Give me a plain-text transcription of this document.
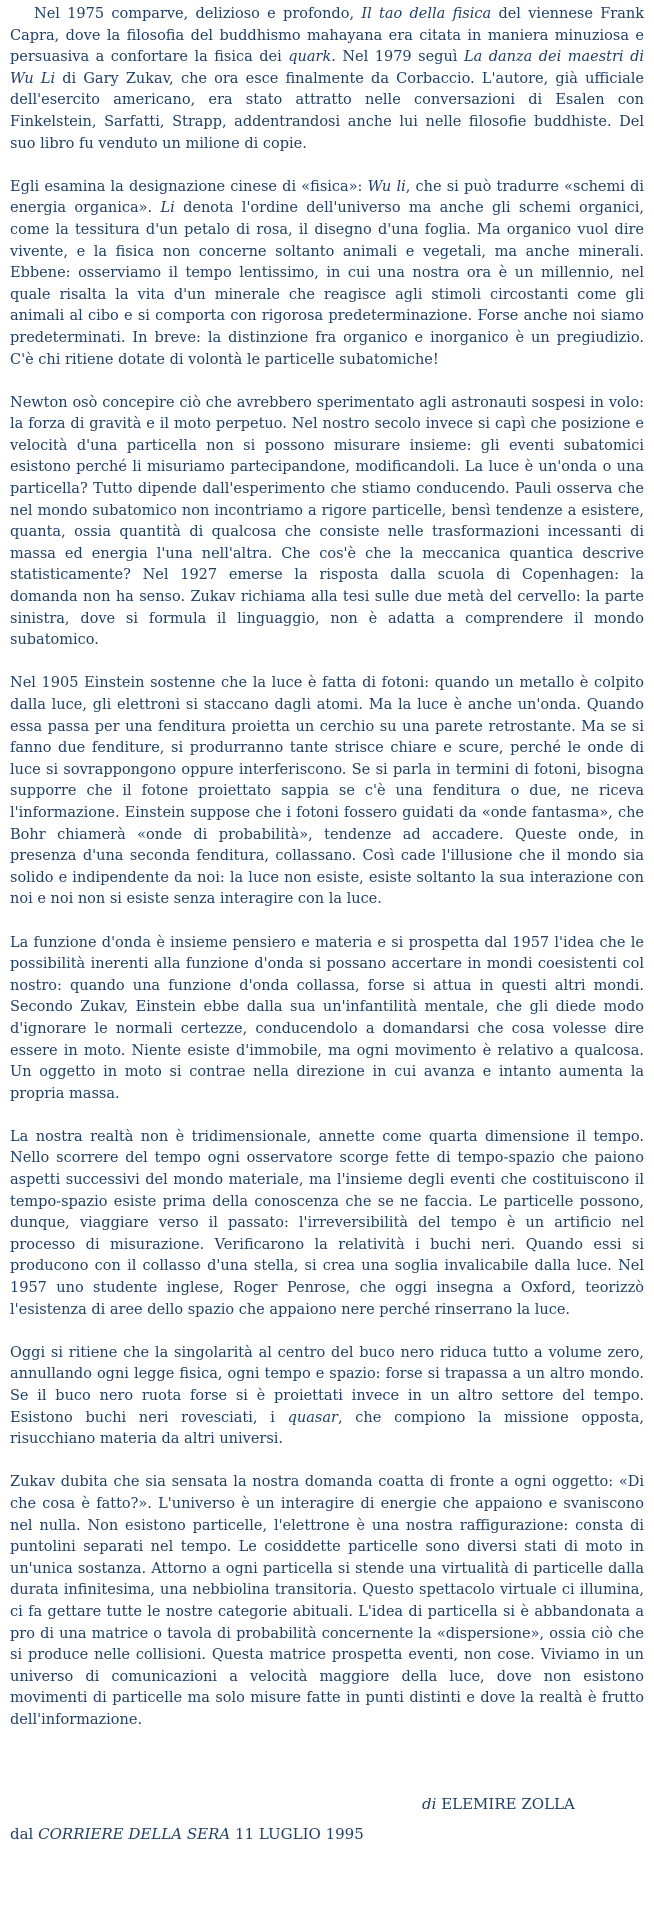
Nel 1975 comparve, delizioso e profondo, Il tao della fisica del viennese Frank Capra, dove la filosofia del buddhismo mahayana era citata in maniera minuziosa e persuasiva a confortare la fisica dei quark. Nel 1979 seguì La danza dei maestri di Wu Li di Gary Zukav, che ora esce finalmente da Corbaccio. L'autore, già ufficiale dell'esercito americano, era stato attratto nelle conversazioni di Esalen con Finkelstein, Sarfatti, Strapp, addentrandosi anche lui nelle filosofie buddhiste. Del suo libro fu venduto un milione di copie.

Egli esamina la designazione cinese di «fisica»: Wu li, che si può tradurre «schemi di energia organica». Li denota l'ordine dell'universo ma anche gli schemi organici, come la tessitura d'un petalo di rosa, il disegno d'una foglia. Ma organico vuol dire vivente, e la fisica non concerne soltanto animali e vegetali, ma anche minerali. Ebbene: osserviamo il tempo lentissimo, in cui una nostra ora è un millennio, nel quale risalta la vita d'un minerale che reagisce agli stimoli circostanti come gli animali al cibo e si comporta con rigorosa predeterminazione. Forse anche noi siamo predeterminati. In breve: la distinzione fra organico e inorganico è un pregiudizio. C'è chi ritiene dotate di volontà le particelle subatomiche!

Newton osò concepire ciò che avrebbero sperimentato agli astronauti sospesi in volo: la forza di gravità e il moto perpetuo. Nel nostro secolo invece si capì che posizione e velocità d'una particella non si possono misurare insieme: gli eventi subatomici esistono perché li misuriamo partecipandone, modificandoli. La luce è un'onda o una particella? Tutto dipende dall'esperimento che stiamo conducendo. Pauli osserva che nel mondo subatomico non incontriamo a rigore particelle, bensì tendenze a esistere, quanta, ossia quantità di qualcosa che consiste nelle trasformazioni incessanti di massa ed energia l'una nell'altra. Che cos'è che la meccanica quantica descrive statisticamente? Nel 1927 emerse la risposta dalla scuola di Copenhagen: la domanda non ha senso. Zukav richiama alla tesi sulle due metà del cervello: la parte sinistra, dove si formula il linguaggio, non è adatta a comprendere il mondo subatomico.

Nel 1905 Einstein sostenne che la luce è fatta di fotoni: quando un metallo è colpito dalla luce, gli elettroni si staccano dagli atomi. Ma la luce è anche un'onda. Quando essa passa per una fenditura proietta un cerchio su una parete retrostante. Ma se si fanno due fenditure, si produrranno tante strisce chiare e scure, perché le onde di luce si sovrappongono oppure interferiscono. Se si parla in termini di fotoni, bisogna supporre che il fotone proiettato sappia se c'è una fenditura o due, ne riceva l'informazione. Einstein suppose che i fotoni fossero guidati da «onde fantasma», che Bohr chiamerà «onde di probabilità», tendenze ad accadere. Queste onde, in presenza d'una seconda fenditura, collassano. Così cade l'illusione che il mondo sia solido e indipendente da noi: la luce non esiste, esiste soltanto la sua interazione con noi e noi non si esiste senza interagire con la luce.

La funzione d'onda è insieme pensiero e materia e si prospetta dal 1957 l'idea che le possibilità inerenti alla funzione d'onda si possano accertare in mondi coesistenti col nostro: quando una funzione d'onda collassa, forse si attua in questi altri mondi. Secondo Zukav, Einstein ebbe dalla sua un'infantilità mentale, che gli diede modo d'ignorare le normali certezze, conducendolo a domandarsi che cosa volesse dire essere in moto. Niente esiste d'immobile, ma ogni movimento è relativo a qualcosa. Un oggetto in moto si contrae nella direzione in cui avanza e intanto aumenta la propria massa.

La nostra realtà non è tridimensionale, annette come quarta dimensione il tempo. Nello scorrere del tempo ogni osservatore scorge fette di tempo-spazio che paiono aspetti successivi del mondo materiale, ma l'insieme degli eventi che costituiscono il tempo-spazio esiste prima della conoscenza che se ne faccia. Le particelle possono, dunque, viaggiare verso il passato: l'irreversibilità del tempo è un artificio nel processo di misurazione. Verificarono la relatività i buchi neri. Quando essi si producono con il collasso d'una stella, si crea una soglia invalicabile dalla luce. Nel 1957 uno studente inglese, Roger Penrose, che oggi insegna a Oxford, teorizzò l'esistenza di aree dello spazio che appaiono nere perché rinserrano la luce.

Oggi si ritiene che la singolarità al centro del buco nero riduca tutto a volume zero, annullando ogni legge fisica, ogni tempo e spazio: forse si trapassa a un altro mondo. Se il buco nero ruota forse si è proiettati invece in un altro settore del tempo. Esistono buchi neri rovesciati, i quasar, che compiono la missione opposta, risucchiano materia da altri universi.

Zukav dubita che sia sensata la nostra domanda coatta di fronte a ogni oggetto: «Di che cosa è fatto?». L'universo è un interagire di energie che appaiono e svaniscono nel nulla. Non esistono particelle, l'elettrone è una nostra raffigurazione: consta di puntolini separati nel tempo. Le cosiddette particelle sono diversi stati di moto in un'unica sostanza. Attorno a ogni particella si stende una virtualità di particelle dalla durata infinitesima, una nebbiolina transitoria. Questo spettacolo virtuale ci illumina, ci fa gettare tutte le nostre categorie abituali. L'idea di particella si è abbandonata a pro di una matrice o tavola di probabilità concernente la «dispersione», ossia ciò che si produce nelle collisioni. Questa matrice prospetta eventi, non cose. Viviamo in un universo di comunicazioni a velocità maggiore della luce, dove non esistono movimenti di particelle ma solo misure fatte in punti distinti e dove la realtà è frutto dell'informazione.

di ELEMIRE ZOLLA

dal CORRIERE DELLA SERA 11 LUGLIO 1995
